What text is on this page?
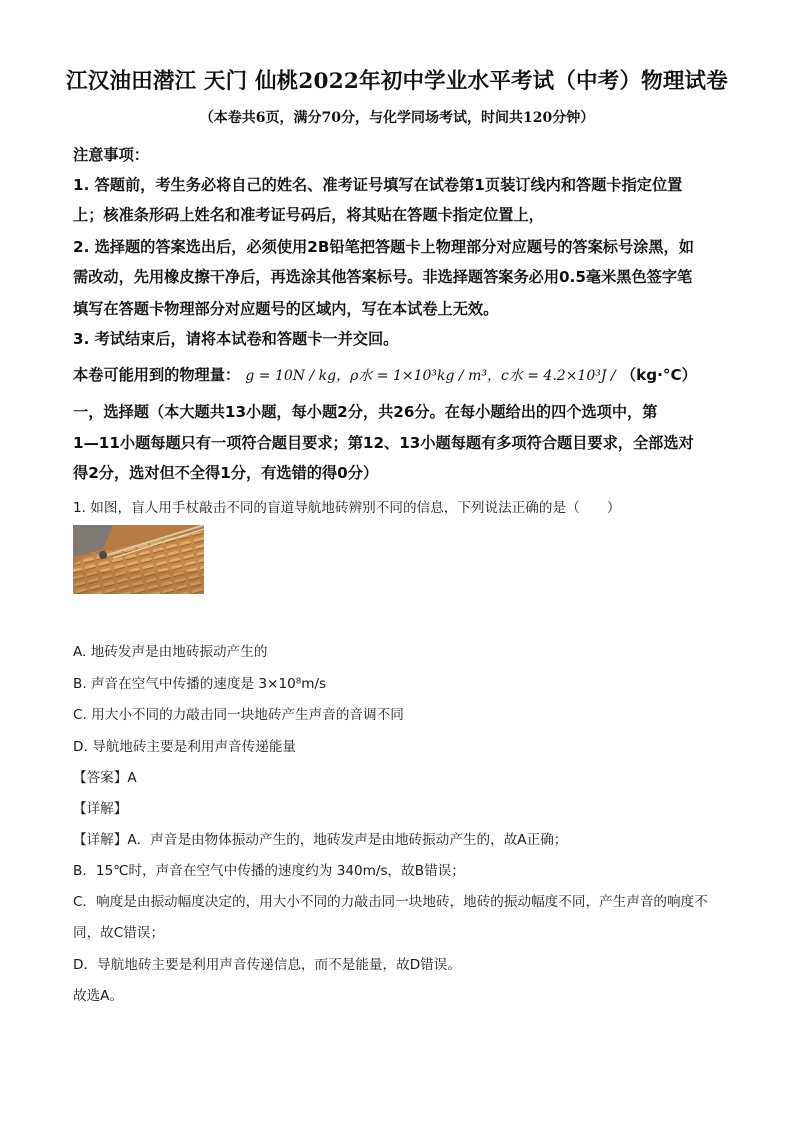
江汉油田潜江 天门 仙桃2022年初中学业水平考试（中考）物理试卷
（本卷共6页，满分70分，与化学同场考试，时间共120分钟）
注意事项：
1. 答题前，考生务必将自己的姓名、准考证号填写在试卷第1页装订线内和答题卡指定位置
上；核准条形码上姓名和准考证号码后，将其贴在答题卡指定位置上，
2. 选择题的答案选出后，必须使用2B铅笔把答题卡上物理部分对应题号的答案标号涂黑，如
需改动，先用橡皮擦干净后，再选涂其他答案标号。非选择题答案务必用0.5毫米黑色签字笔
填写在答题卡物理部分对应题号的区域内，写在本试卷上无效。
3. 考试结束后，请将本试卷和答题卡一并交回。
本卷可能用到的物理量： g = 10N / kg，ρ水 = 1×10³kg / m³，c水 = 4.2×10³J / （kg·°C）
一，选择题（本大题共13小题，每小题2分，共26分。在每小题给出的四个选项中，第
1—11小题每题只有一项符合题目要求；第12、13小题每题有多项符合题目要求，全部选对
得2分，选对但不全得1分，有选错的得0分）
1. 如图，盲人用手杖敲击不同的盲道导航地砖辨别不同的信息，下列说法正确的是（　　）
A. 地砖发声是由地砖振动产生的
B. 声音在空气中传播的速度是 3×10⁸m/s
C. 用大小不同的力敲击同一块地砖产生声音的音调不同
D. 导航地砖主要是利用声音传递能量
【答案】A
【详解】
【详解】A．声音是由物体振动产生的，地砖发声是由地砖振动产生的，故A正确；
B．15℃时，声音在空气中传播的速度约为 340m/s，故B错误；
C．响度是由振动幅度决定的，用大小不同的力敲击同一块地砖，地砖的振动幅度不同，产生声音的响度不
同，故C错误；
D．导航地砖主要是利用声音传递信息，而不是能量，故D错误。
故选A。
